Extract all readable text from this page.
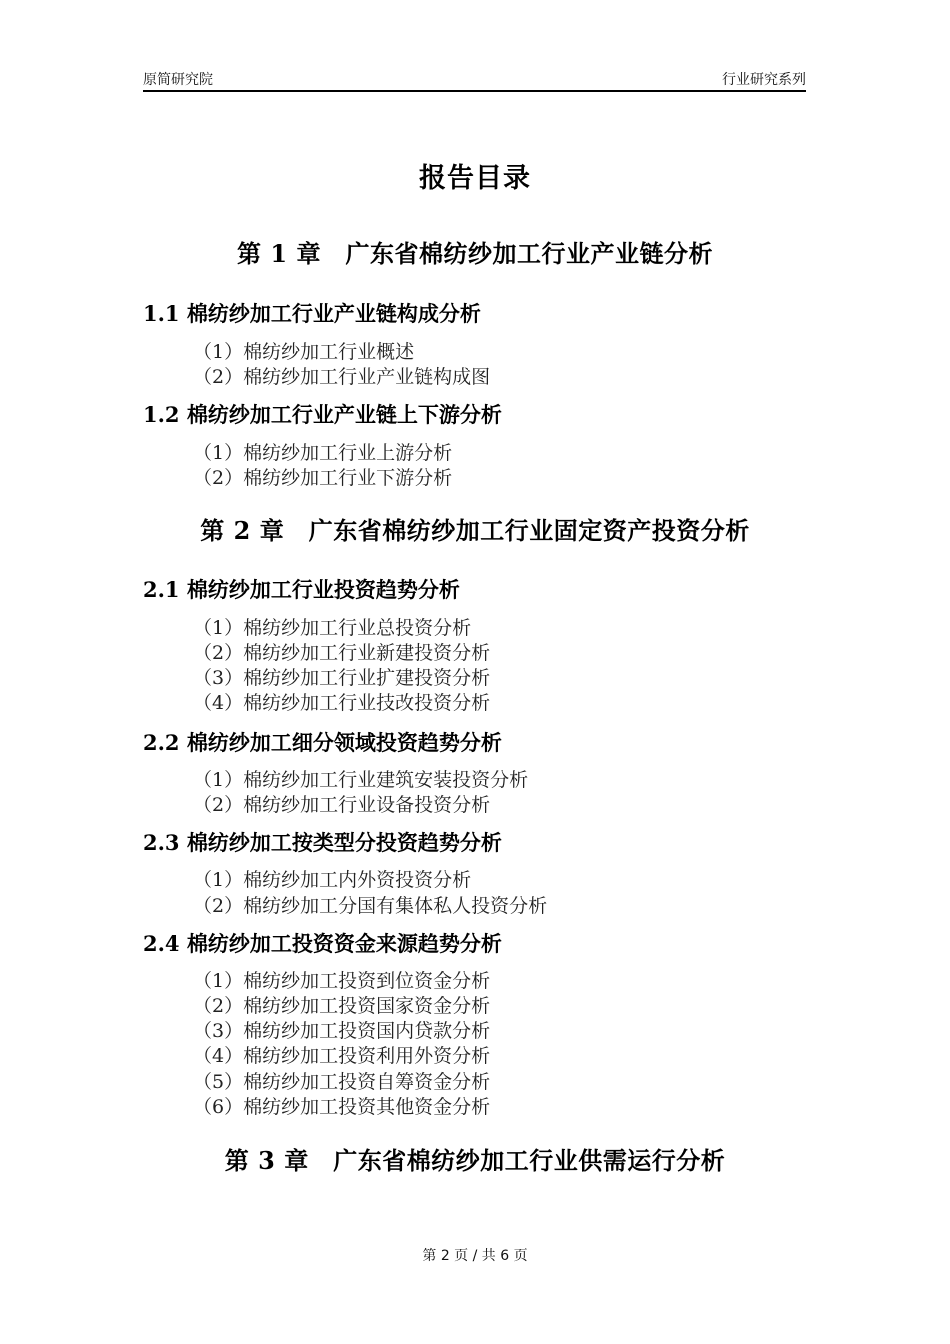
原简研究院	行业研究系列
报告目录
第 1 章　广东省棉纺纱加工行业产业链分析
1.1 棉纺纱加工行业产业链构成分析
（1）棉纺纱加工行业概述
（2）棉纺纱加工行业产业链构成图
1.2 棉纺纱加工行业产业链上下游分析
（1）棉纺纱加工行业上游分析
（2）棉纺纱加工行业下游分析
第 2 章　广东省棉纺纱加工行业固定资产投资分析
2.1 棉纺纱加工行业投资趋势分析
（1）棉纺纱加工行业总投资分析
（2）棉纺纱加工行业新建投资分析
（3）棉纺纱加工行业扩建投资分析
（4）棉纺纱加工行业技改投资分析
2.2 棉纺纱加工细分领域投资趋势分析
（1）棉纺纱加工行业建筑安装投资分析
（2）棉纺纱加工行业设备投资分析
2.3 棉纺纱加工按类型分投资趋势分析
（1）棉纺纱加工内外资投资分析
（2）棉纺纱加工分国有集体私人投资分析
2.4 棉纺纱加工投资资金来源趋势分析
（1）棉纺纱加工投资到位资金分析
（2）棉纺纱加工投资国家资金分析
（3）棉纺纱加工投资国内贷款分析
（4）棉纺纱加工投资利用外资分析
（5）棉纺纱加工投资自筹资金分析
（6）棉纺纱加工投资其他资金分析
第 3 章　广东省棉纺纱加工行业供需运行分析
第 2 页 / 共 6 页
